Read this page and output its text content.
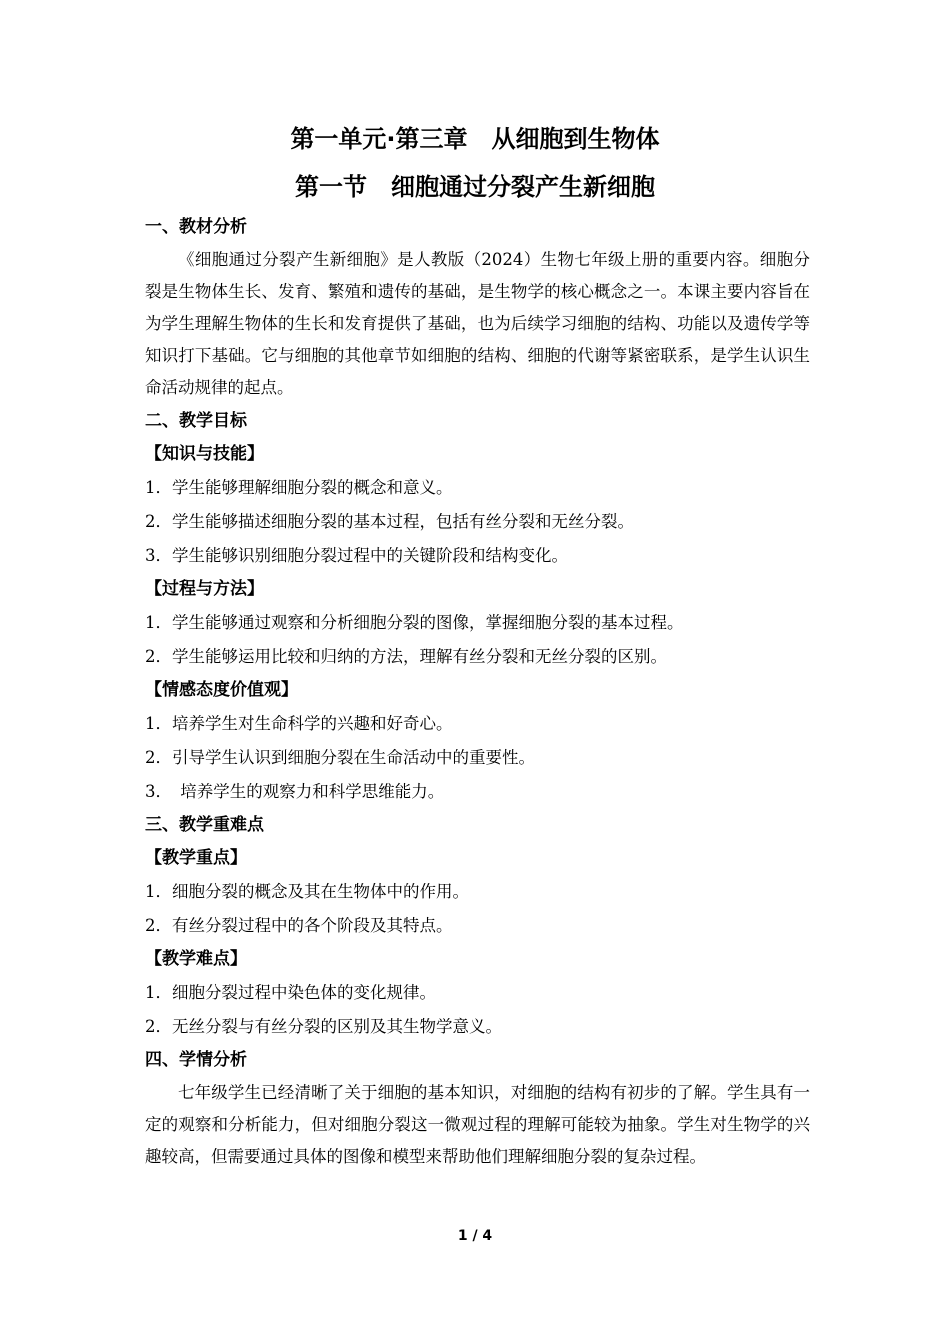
第一单元·第三章　从细胞到生物体
第一节　细胞通过分裂产生新细胞
一、教材分析
《细胞通过分裂产生新细胞》是人教版（2024）生物七年级上册的重要内容。细胞分裂是生物体生长、发育、繁殖和遗传的基础，是生物学的核心概念之一。本课主要内容旨在为学生理解生物体的生长和发育提供了基础，也为后续学习细胞的结构、功能以及遗传学等知识打下基础。它与细胞的其他章节如细胞的结构、细胞的代谢等紧密联系，是学生认识生命活动规律的起点。
二、教学目标
【知识与技能】
1．学生能够理解细胞分裂的概念和意义。
2．学生能够描述细胞分裂的基本过程，包括有丝分裂和无丝分裂。
3．学生能够识别细胞分裂过程中的关键阶段和结构变化。
【过程与方法】
1．学生能够通过观察和分析细胞分裂的图像，掌握细胞分裂的基本过程。
2．学生能够运用比较和归纳的方法，理解有丝分裂和无丝分裂的区别。
【情感态度价值观】
1．培养学生对生命科学的兴趣和好奇心。
2．引导学生认识到细胞分裂在生命活动中的重要性。
3．　培养学生的观察力和科学思维能力。
三、教学重难点
【教学重点】
1．细胞分裂的概念及其在生物体中的作用。
2．有丝分裂过程中的各个阶段及其特点。
【教学难点】
1．细胞分裂过程中染色体的变化规律。
2．无丝分裂与有丝分裂的区别及其生物学意义。
四、学情分析
七年级学生已经清晰了关于细胞的基本知识，对细胞的结构有初步的了解。学生具有一定的观察和分析能力，但对细胞分裂这一微观过程的理解可能较为抽象。学生对生物学的兴趣较高，但需要通过具体的图像和模型来帮助他们理解细胞分裂的复杂过程。
1 / 4
